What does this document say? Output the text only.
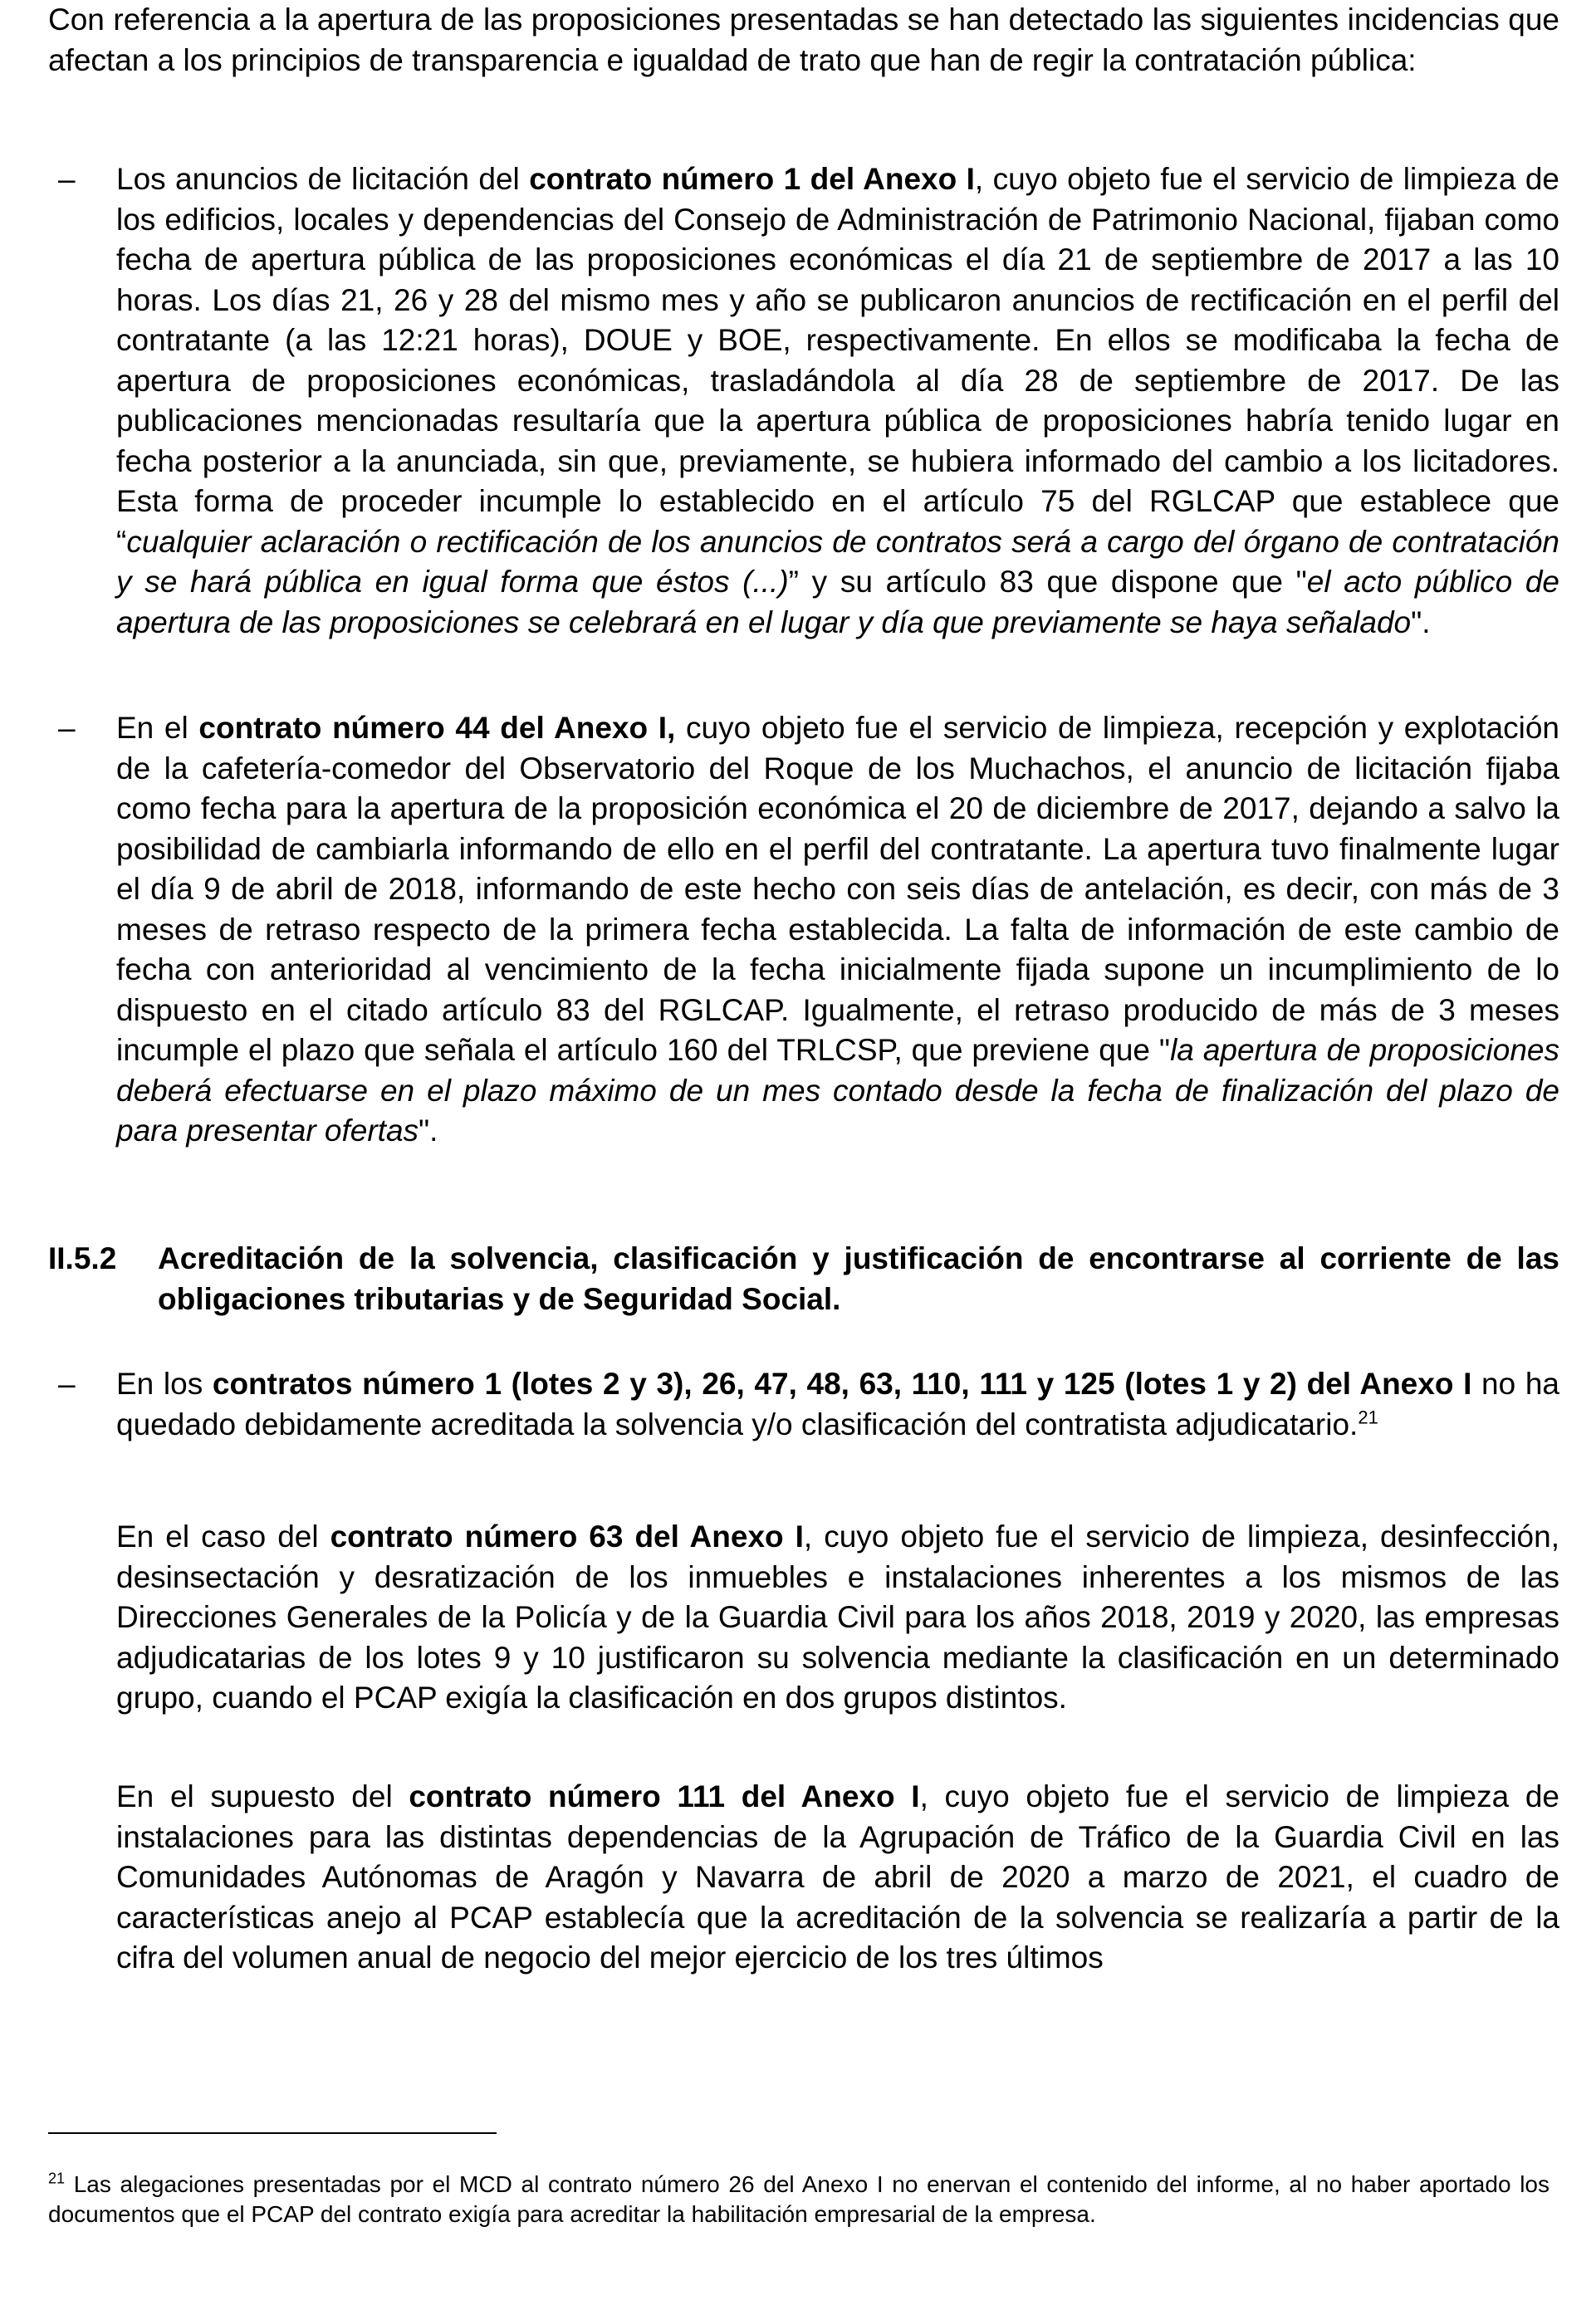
Con referencia a la apertura de las proposiciones presentadas se han detectado las siguientes incidencias que afectan a los principios de transparencia e igualdad de trato que han de regir la contratación pública:

–	Los anuncios de licitación del contrato número 1 del Anexo I, cuyo objeto fue el servicio de limpieza de los edificios, locales y dependencias del Consejo de Administración de Patrimonio Nacional, fijaban como fecha de apertura pública de las proposiciones económicas el día 21 de septiembre de 2017 a las 10 horas. Los días 21, 26 y 28 del mismo mes y año se publicaron anuncios de rectificación en el perfil del contratante (a las 12:21 horas), DOUE y BOE, respectivamente. En ellos se modificaba la fecha de apertura de proposiciones económicas, trasladándola al día 28 de septiembre de 2017. De las publicaciones mencionadas resultaría que la apertura pública de proposiciones habría tenido lugar en fecha posterior a la anunciada, sin que, previamente, se hubiera informado del cambio a los licitadores. Esta forma de proceder incumple lo establecido en el artículo 75 del RGLCAP que establece que “cualquier aclaración o rectificación de los anuncios de contratos será a cargo del órgano de contratación y se hará pública en igual forma que éstos (...)” y su artículo 83 que dispone que "el acto público de apertura de las proposiciones se celebrará en el lugar y día que previamente se haya señalado".

–	En el contrato número 44 del Anexo I, cuyo objeto fue el servicio de limpieza, recepción y explotación de la cafetería-comedor del Observatorio del Roque de los Muchachos, el anuncio de licitación fijaba como fecha para la apertura de la proposición económica el 20 de diciembre de 2017, dejando a salvo la posibilidad de cambiarla informando de ello en el perfil del contratante. La apertura tuvo finalmente lugar el día 9 de abril de 2018, informando de este hecho con seis días de antelación, es decir, con más de 3 meses de retraso respecto de la primera fecha establecida. La falta de información de este cambio de fecha con anterioridad al vencimiento de la fecha inicialmente fijada supone un incumplimiento de lo dispuesto en el citado artículo 83 del RGLCAP. Igualmente, el retraso producido de más de 3 meses incumple el plazo que señala el artículo 160 del TRLCSP, que previene que "la apertura de proposiciones deberá efectuarse en el plazo máximo de un mes contado desde la fecha de finalización del plazo de para presentar ofertas".

II.5.2	Acreditación de la solvencia, clasificación y justificación de encontrarse al corriente de las obligaciones tributarias y de Seguridad Social.
–	En los contratos número 1 (lotes 2 y 3), 26, 47, 48, 63, 110, 111 y 125 (lotes 1 y 2) del Anexo I no ha quedado debidamente acreditada la solvencia y/o clasificación del contratista adjudicatario.$^{21}$

En el caso del contrato número 63 del Anexo I, cuyo objeto fue el servicio de limpieza, desinfección, desinsectación y desratización de los inmuebles e instalaciones inherentes a los mismos de las Direcciones Generales de la Policía y de la Guardia Civil para los años 2018, 2019 y 2020, las empresas adjudicatarias de los lotes 9 y 10 justificaron su solvencia mediante la clasificación en un determinado grupo, cuando el PCAP exigía la clasificación en dos grupos distintos.

En el supuesto del contrato número 111 del Anexo I, cuyo objeto fue el servicio de limpieza de instalaciones para las distintas dependencias de la Agrupación de Tráfico de la Guardia Civil en las Comunidades Autónomas de Aragón y Navarra de abril de 2020 a marzo de 2021, el cuadro de características anejo al PCAP establecía que la acreditación de la solvencia se realizaría a partir de la cifra del volumen anual de negocio del mejor ejercicio de los tres últimos

$^{21}$ Las alegaciones presentadas por el MCD al contrato número 26 del Anexo I no enervan el contenido del informe, al no haber aportado los documentos que el PCAP del contrato exigía para acreditar la habilitación empresarial de la empresa.
